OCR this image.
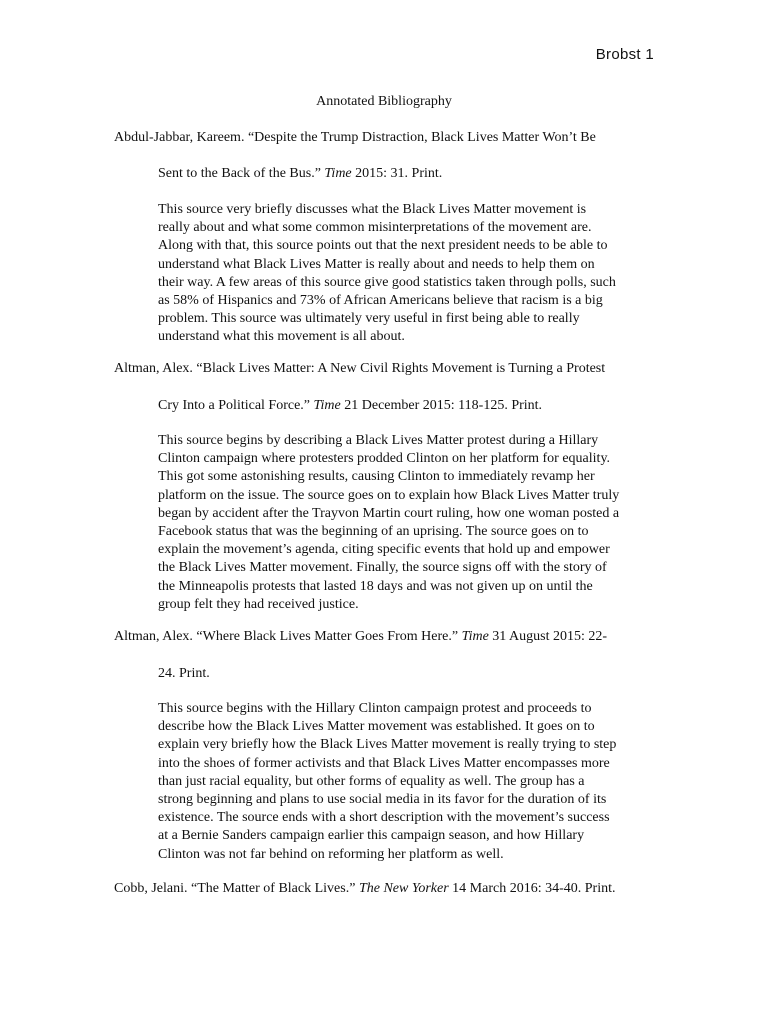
Brobst 1
Annotated Bibliography
Abdul-Jabbar, Kareem. “Despite the Trump Distraction, Black Lives Matter Won’t Be
Sent to the Back of the Bus.” Time 2015: 31. Print.
This source very briefly discusses what the Black Lives Matter movement is
really about and what some common misinterpretations of the movement are.
Along with that, this source points out that the next president needs to be able to
understand what Black Lives Matter is really about and needs to help them on
their way. A few areas of this source give good statistics taken through polls, such
as 58% of Hispanics and 73% of African Americans believe that racism is a big
problem. This source was ultimately very useful in first being able to really
understand what this movement is all about.
Altman, Alex. “Black Lives Matter: A New Civil Rights Movement is Turning a Protest
Cry Into a Political Force.” Time 21 December 2015: 118-125. Print.
This source begins by describing a Black Lives Matter protest during a Hillary
Clinton campaign where protesters prodded Clinton on her platform for equality.
This got some astonishing results, causing Clinton to immediately revamp her
platform on the issue. The source goes on to explain how Black Lives Matter truly
began by accident after the Trayvon Martin court ruling, how one woman posted a
Facebook status that was the beginning of an uprising. The source goes on to
explain the movement’s agenda, citing specific events that hold up and empower
the Black Lives Matter movement. Finally, the source signs off with the story of
the Minneapolis protests that lasted 18 days and was not given up on until the
group felt they had received justice.
Altman, Alex. “Where Black Lives Matter Goes From Here.” Time 31 August 2015: 22-
24. Print.
This source begins with the Hillary Clinton campaign protest and proceeds to
describe how the Black Lives Matter movement was established. It goes on to
explain very briefly how the Black Lives Matter movement is really trying to step
into the shoes of former activists and that Black Lives Matter encompasses more
than just racial equality, but other forms of equality as well. The group has a
strong beginning and plans to use social media in its favor for the duration of its
existence. The source ends with a short description with the movement’s success
at a Bernie Sanders campaign earlier this campaign season, and how Hillary
Clinton was not far behind on reforming her platform as well.
Cobb, Jelani. “The Matter of Black Lives.” The New Yorker 14 March 2016: 34-40. Print.
